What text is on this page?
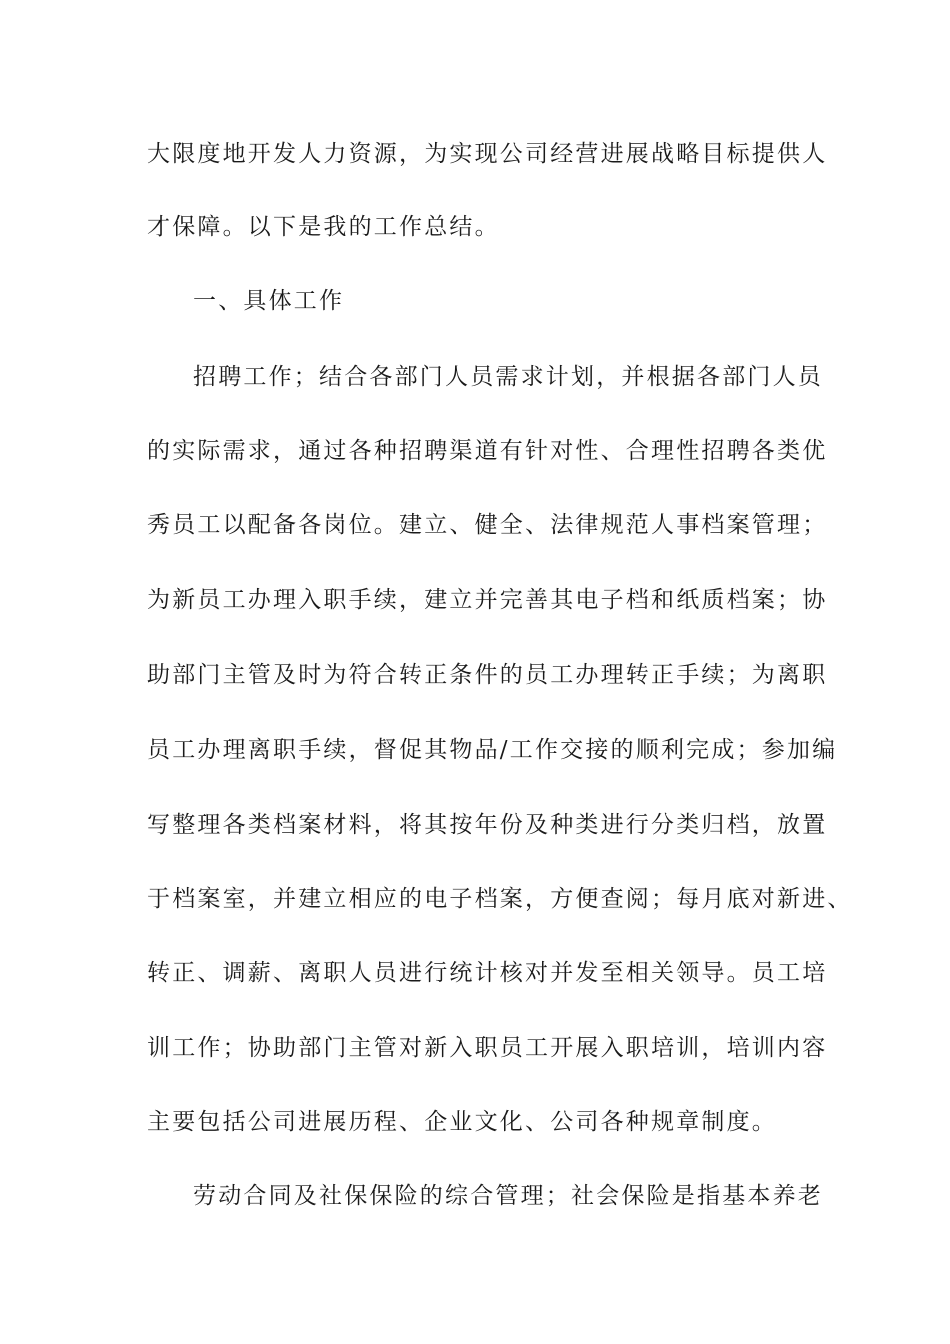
大限度地开发人力资源，为实现公司经营进展战略目标提供人
才保障。以下是我的工作总结。
一、具体工作
招聘工作；结合各部门人员需求计划，并根据各部门人员
的实际需求，通过各种招聘渠道有针对性、合理性招聘各类优
秀员工以配备各岗位。建立、健全、法律规范人事档案管理；
为新员工办理入职手续，建立并完善其电子档和纸质档案；协
助部门主管及时为符合转正条件的员工办理转正手续；为离职
员工办理离职手续，督促其物品/工作交接的顺利完成；参加编
写整理各类档案材料，将其按年份及种类进行分类归档，放置
于档案室，并建立相应的电子档案，方便查阅；每月底对新进、
转正、调薪、离职人员进行统计核对并发至相关领导。员工培
训工作；协助部门主管对新入职员工开展入职培训，培训内容
主要包括公司进展历程、企业文化、公司各种规章制度。
劳动合同及社保保险的综合管理；社会保险是指基本养老
